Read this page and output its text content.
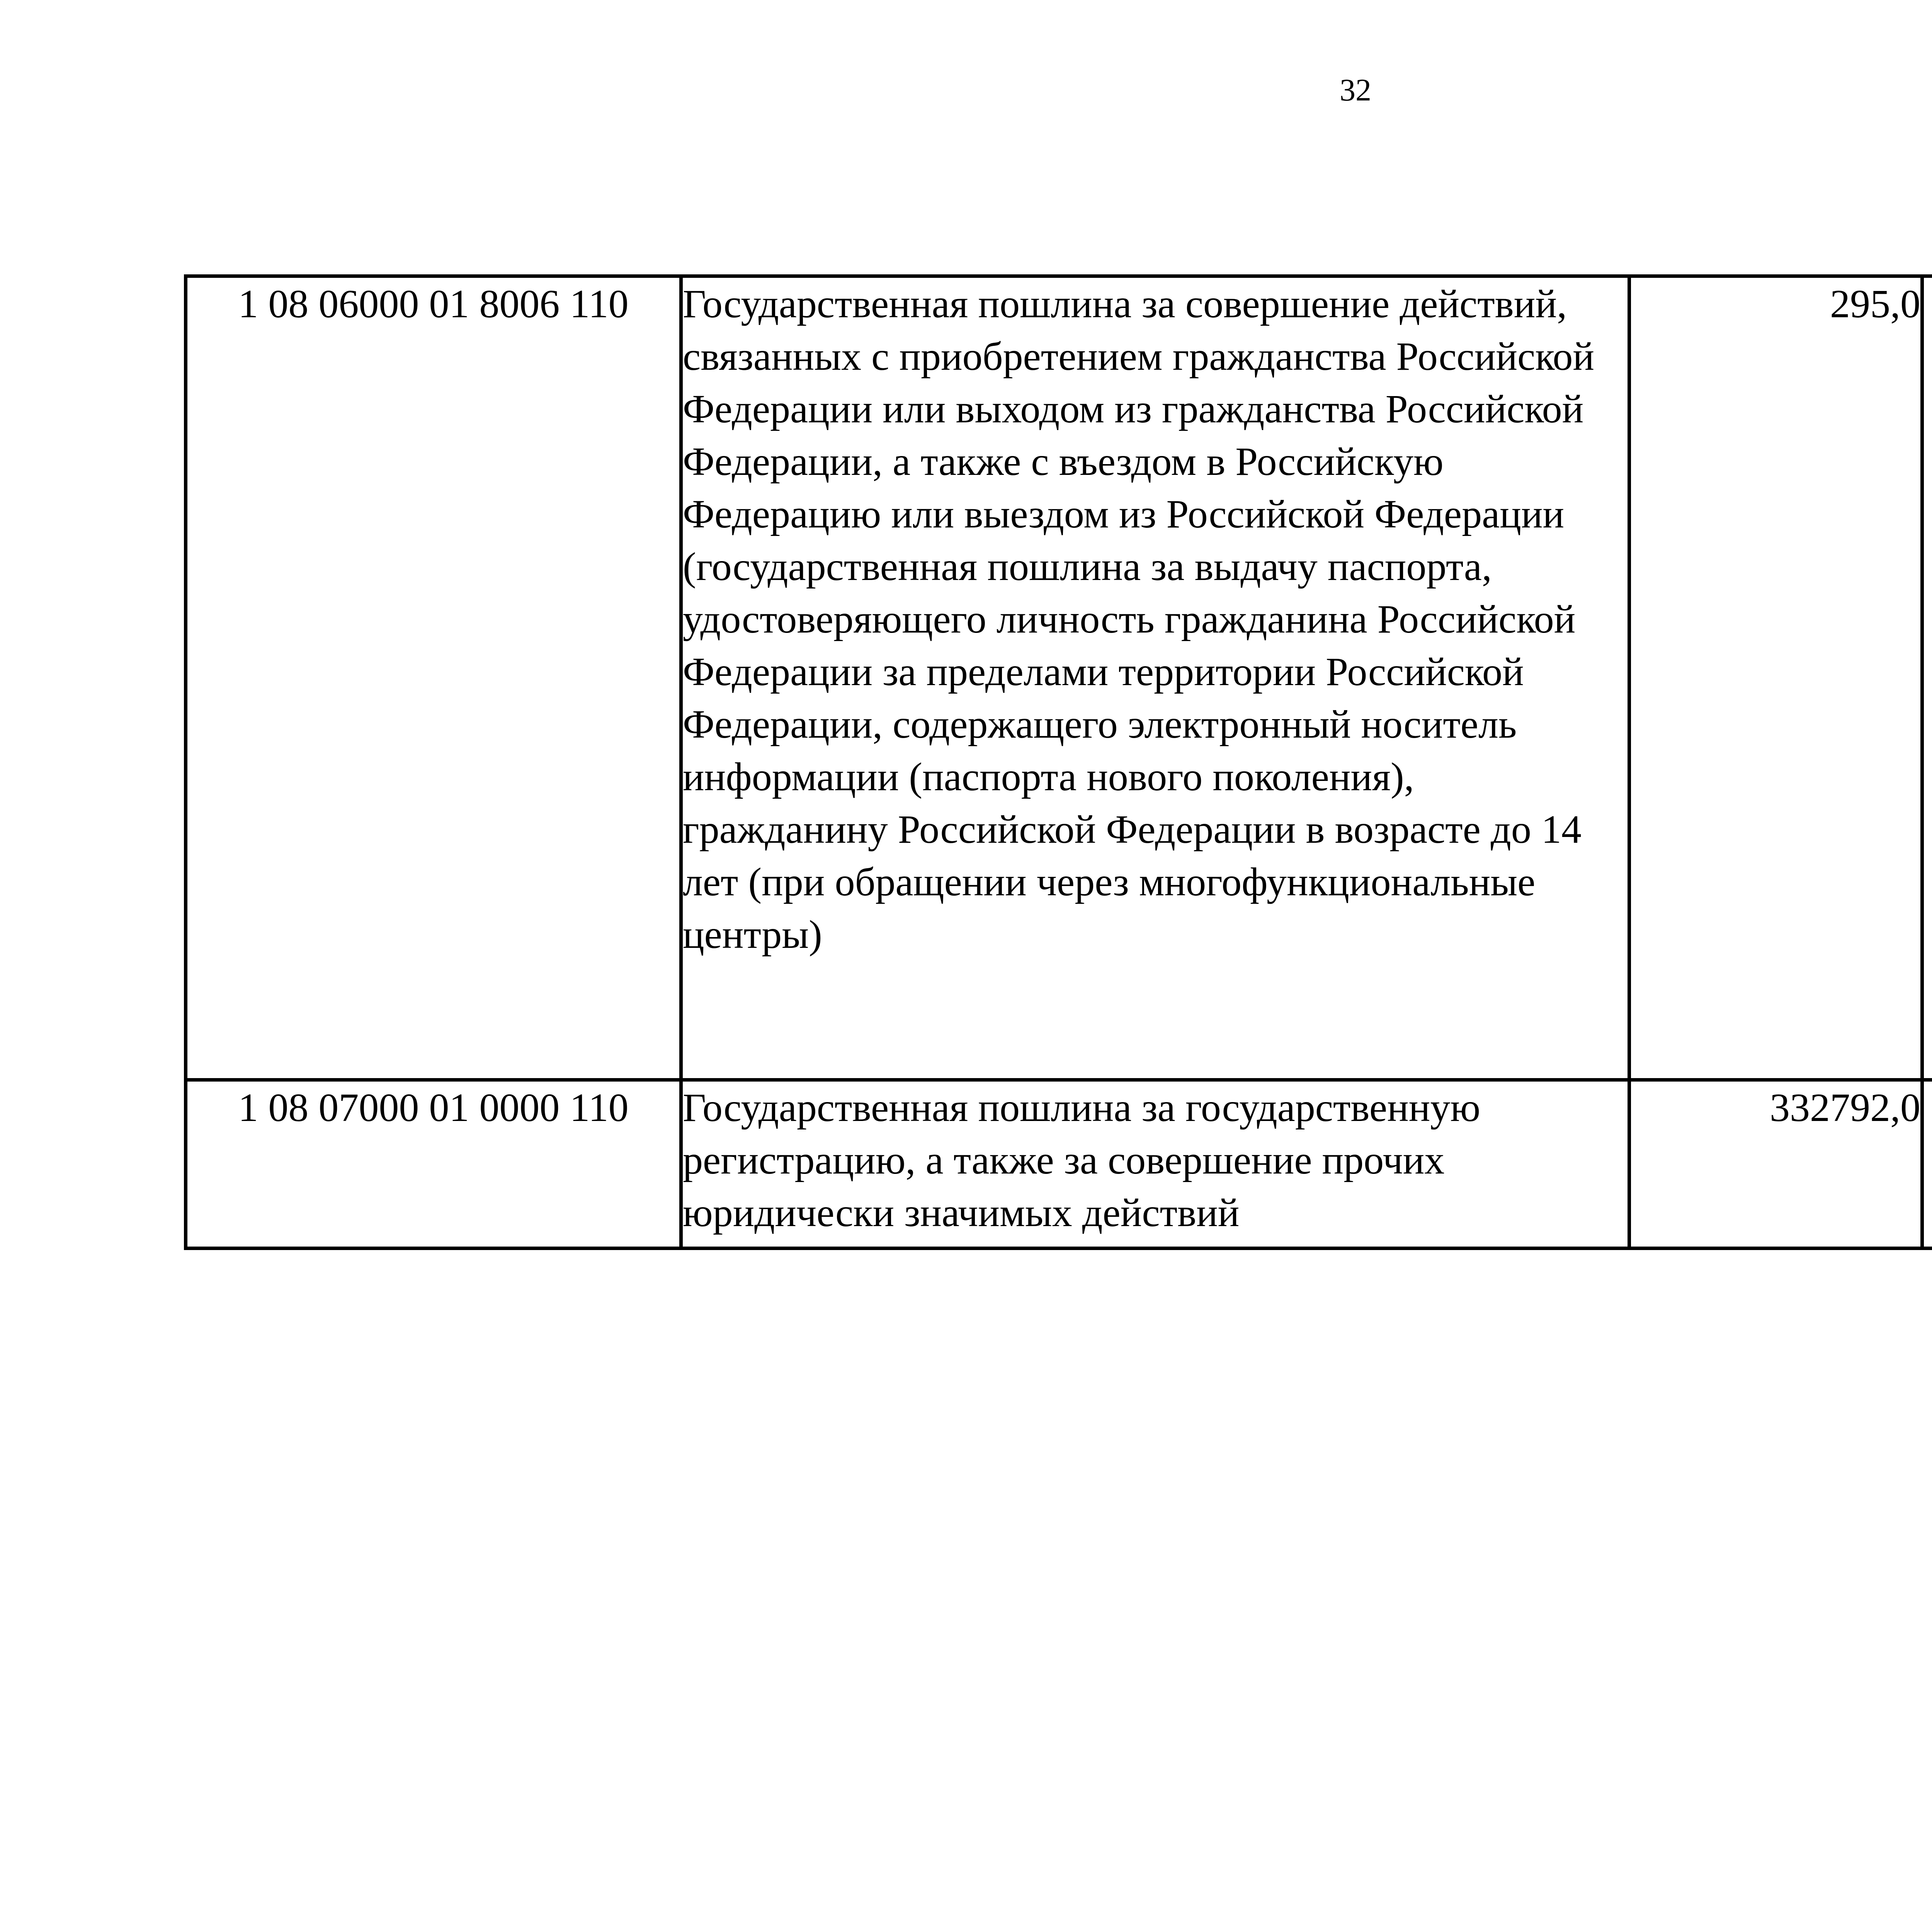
32
1 08 06000 01 8006 110	Государственная пошлина за совершение действий, связанных с приобретением гражданства Российской Федерации или выходом из гражданства Российской Федерации, а также с въездом в Российскую Федерацию или выездом из Российской Федерации (государственная пошлина за выдачу паспорта, удостоверяющего личность гражданина Российской Федерации за пределами территории Российской Федерации, содержащего электронный носитель информации (паспорта нового поколения), гражданину Российской Федерации в возрасте до 14 лет (при обращении через многофункциональные центры)	295,0		
1 08 07000 01 0000 110	Государственная пошлина за государственную регистрацию, а также за совершение прочих юридически значимых действий	332792,0		
